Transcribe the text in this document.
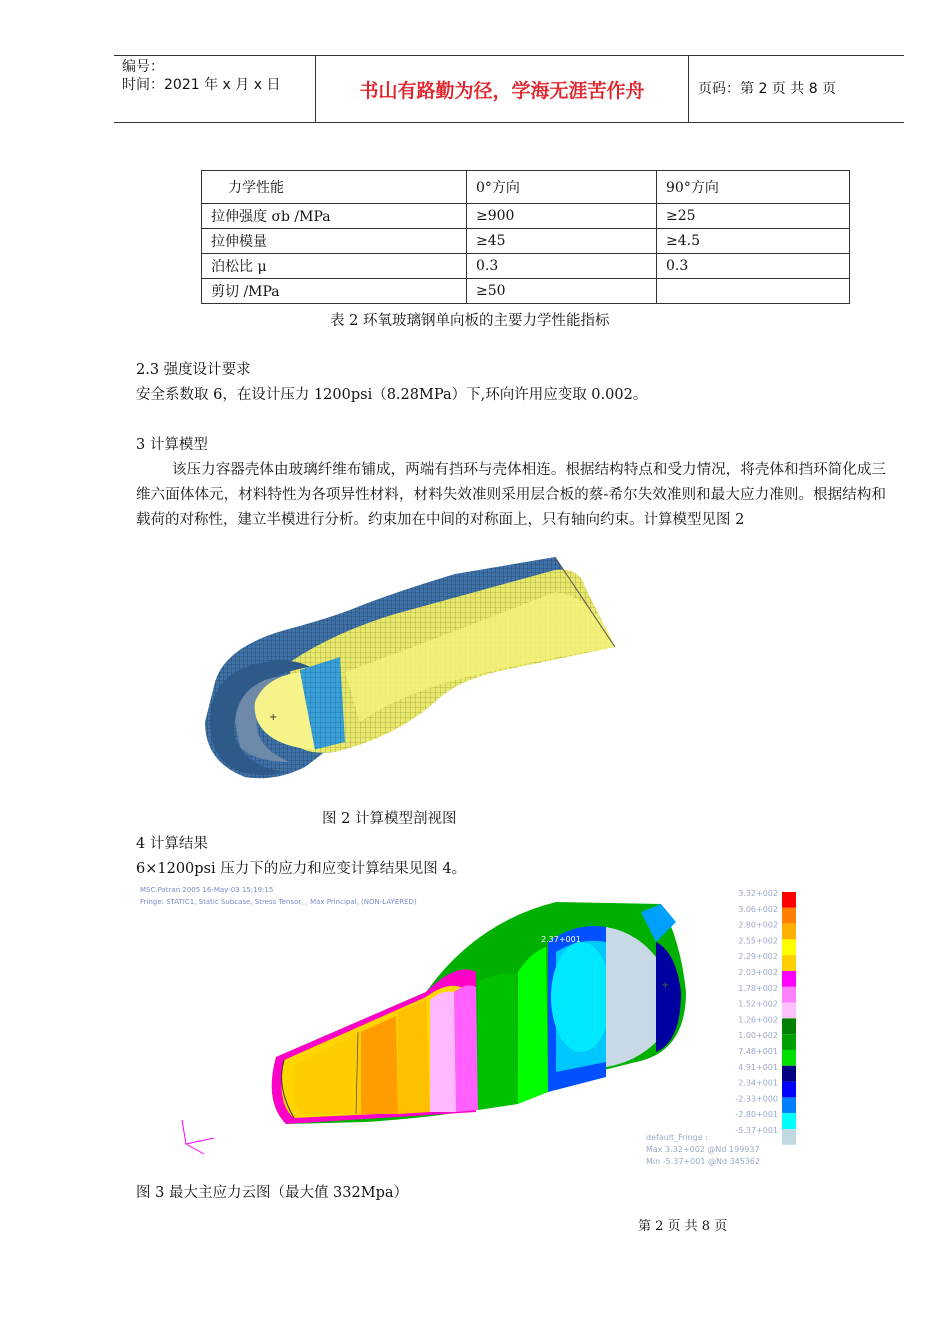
编号：
时间：2021 年 x 月 x 日	书山有路勤为径，学海无涯苦作舟	页码：第 2 页 共 8 页
力学性能	0°方向	90°方向
拉伸强度 σb /MPa	≥900	≥25
拉伸模量	≥45	≥4.5
泊松比 μ	0.3	0.3
剪切 /MPa	≥50	
表 2 环氧玻璃钢单向板的主要力学性能指标
2.3 强度设计要求
安全系数取 6，在设计压力 1200psi（8.28MPa）下,环向许用应变取 0.002。
3 计算模型
该压力容器壳体由玻璃纤维布铺成，两端有挡环与壳体相连。根据结构特点和受力情况，将壳体和挡环简化成三维六面体体元，材料特性为各项异性材料，材料失效准则采用层合板的蔡-希尔失效准则和最大应力准则。根据结构和载荷的对称性，建立半模进行分析。约束加在中间的对称面上，只有轴向约束。计算模型见图 2
+
图 2 计算模型剖视图
4 计算结果
6×1200psi 压力下的应力和应变计算结果见图 4。
MSC.Patran 2005 16-May-03 15:19:15
Fringe: STATIC1, Static Subcase, Stress Tensor, , Max Principal, (NON-LAYERED)
2.37+001
+
3.32+002
3.06+002
2.80+002
2.55+002
2.29+002
2.03+002
1.78+002
1.52+002
1.26+002
1.00+002
7.48+001
4.91+001
2.34+001
-2.33+000
-2.80+001
-5.37+001
default_Fringe :
Max 3.32+002 @Nd 199937
Min -5.37+001 @Nd 345362
图 3 最大主应力云图（最大值 332Mpa）
第 2 页 共 8 页
